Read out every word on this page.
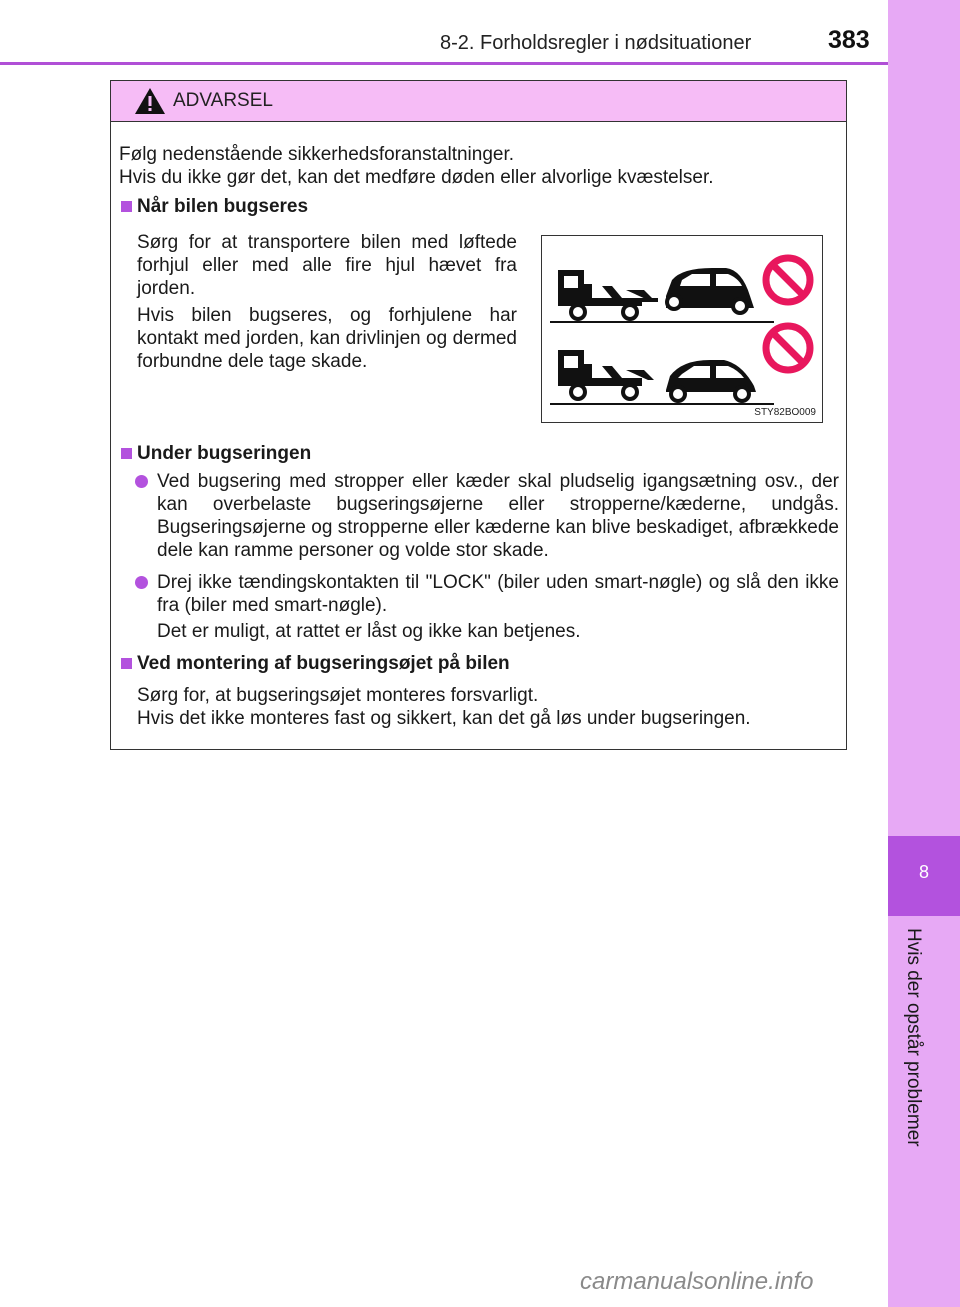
8-2. Forholdsregler i nødsituationer	383
8
Hvis der opstår problemer
ADVARSEL
Følg nedenstående sikkerhedsforanstaltninger.
Hvis du ikke gør det, kan det medføre døden eller alvorlige kvæstelser.
Når bilen bugseres
Sørg for at transportere bilen med løftede forhjul eller med alle fire hjul hævet fra jorden.
Hvis bilen bugseres, og forhjulene har kontakt med jorden, kan drivlinjen og dermed forbundne dele tage skade.
STY82BO009
Under bugseringen
Ved bugsering med stropper eller kæder skal pludselig igangsætning osv., der kan overbelaste bugseringsøjerne eller stropperne/kæderne, undgås. Bugseringsøjerne og stropperne eller kæderne kan blive beskadiget, afbrækkede dele kan ramme personer og volde stor skade.
Drej ikke tændingskontakten til "LOCK" (biler uden smart-nøgle) og slå den ikke fra (biler med smart-nøgle).
Det er muligt, at rattet er låst og ikke kan betjenes.
Ved montering af bugseringsøjet på bilen
Sørg for, at bugseringsøjet monteres forsvarligt.
Hvis det ikke monteres fast og sikkert, kan det gå løs under bugseringen.
carmanualsonline.info
